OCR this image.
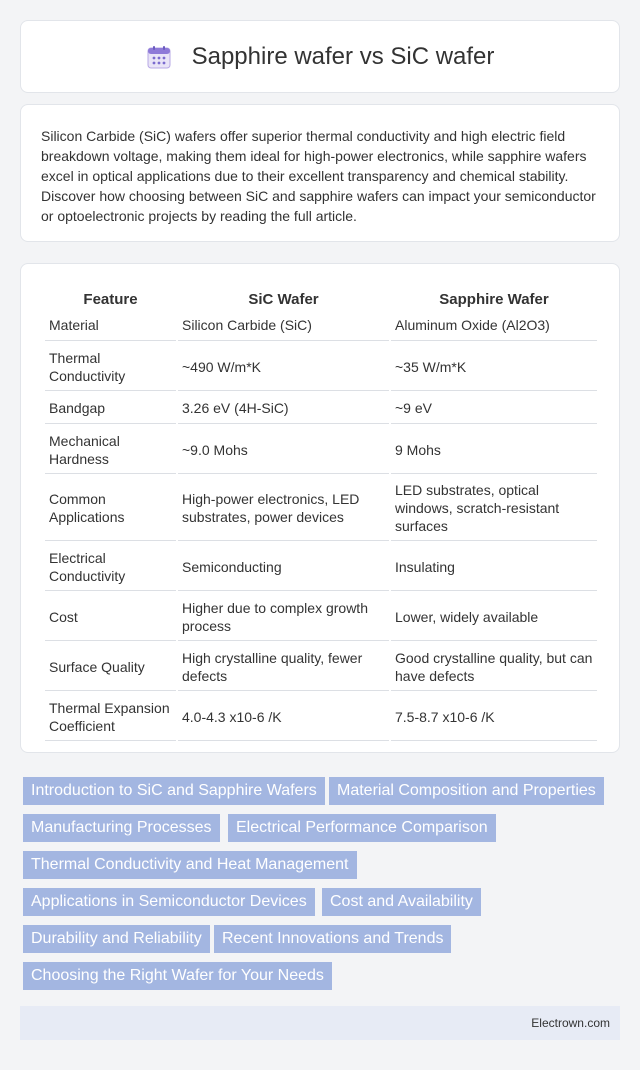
Sapphire wafer vs SiC wafer

Silicon Carbide (SiC) wafers offer superior thermal conductivity and high electric field breakdown voltage, making them ideal for high-power electronics, while sapphire wafers excel in optical applications due to their excellent transparency and chemical stability. Discover how choosing between SiC and sapphire wafers can impact your semiconductor or optoelectronic projects by reading the full article.

Feature	SiC Wafer	Sapphire Wafer
Material	Silicon Carbide (SiC)	Aluminum Oxide (Al2O3)
Thermal Conductivity	~490 W/m*K	~35 W/m*K
Bandgap	3.26 eV (4H-SiC)	~9 eV
Mechanical Hardness	~9.0 Mohs	9 Mohs
Common Applications	High-power electronics, LED substrates, power devices	LED substrates, optical windows, scratch-resistant surfaces
Electrical Conductivity	Semiconducting	Insulating
Cost	Higher due to complex growth process	Lower, widely available
Surface Quality	High crystalline quality, fewer defects	Good crystalline quality, but can have defects
Thermal Expansion Coefficient	4.0-4.3 x10-6 /K	7.5-8.7 x10-6 /K
Introduction to SiC and Sapphire Wafers	Material Composition and Properties
Manufacturing Processes	Electrical Performance Comparison
Thermal Conductivity and Heat Management
Applications in Semiconductor Devices	Cost and Availability
Durability and Reliability	Recent Innovations and Trends
Choosing the Right Wafer for Your Needs
Electrown.com
